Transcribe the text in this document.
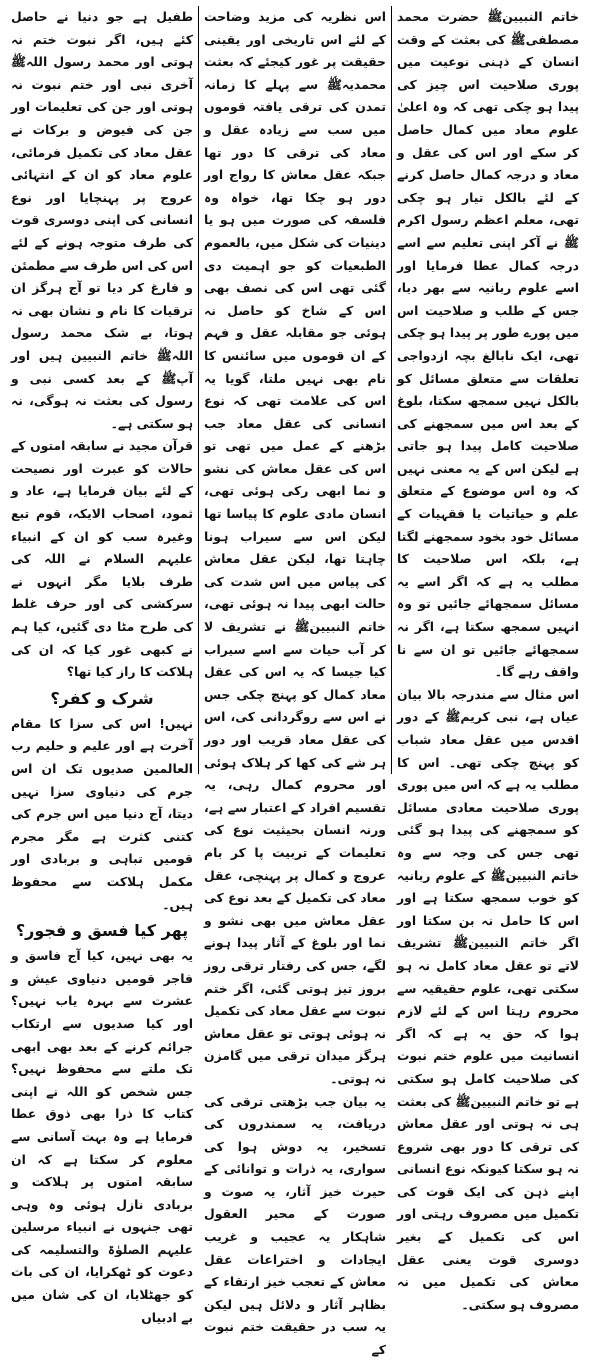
خاتم النبیینﷺ حضرت محمد مصطفیﷺ کی بعثت کے وقت انسان کے ذہنی نوعیت میں پوری صلاحیت اس چیز کی پیدا ہو چکی تھی کہ وہ اعلیٰ علوم معاد میں کمال حاصل کر سکے اور اس کی عقل و معاد و درجہ کمال حاصل کرنے کے لئے بالکل تیار ہو چکی تھی، معلم اعظم رسول اکرم ﷺ نے آکر اپنی تعلیم سے اسے درجہ کمال عطا فرمایا اور اسے علوم ربانیہ سے بھر دیا، جس کے طلب و صلاحیت اس میں پورے طور پر پیدا ہو چکی تھی، ایک نابالغ بچہ ازدواجی تعلقات سے متعلق مسائل کو بالکل نہیں سمجھ سکتا، بلوغ کے بعد اس میں سمجھنے کی صلاحیت کامل پیدا ہو جاتی ہے لیکن اس کے یہ معنی نہیں کہ وہ اس موضوع کے متعلق علم و حیاتیات یا فقہیات کے مسائل خود بخود سمجھنے لگتا ہے، بلکہ اس صلاحیت کا مطلب یہ ہے کہ اگر اسے یہ مسائل سمجھائے جائیں تو وہ انہیں سمجھ سکتا ہے، اگر نہ سمجھائے جائیں تو ان سے نا واقف رہے گا۔

اس مثال سے مندرجہ بالا بیان عیاں ہے، نبی کریمﷺ کے دور اقدس میں عقل معاد شباب کو پہنچ چکی تھی۔ اس کا مطلب یہ ہے کہ اس میں پوری پوری صلاحیت معادی مسائل کو سمجھنے کی پیدا ہو گئی تھی جس کی وجہ سے وہ خاتم النبیینﷺ کے علوم ربانیہ کو خوب سمجھ سکتا ہے اور اس کا حامل نہ بن سکتا اور اگر خاتم النبیینﷺ تشریف لاتے تو عقل معاد کامل نہ ہو سکتی تھی، علوم حقیقیہ سے محروم رہتا اس کے لئے لازم ہوا کہ حق یہ ہے کہ اگر انسانیت میں علوم ختم نبوت کی صلاحیت کامل ہو سکتی ہے تو خاتم النبیینﷺ کی بعثت ہی نہ ہوتی اور عقل معاش کی ترقی کا دور بھی شروع نہ ہو سکتا کیونکہ نوع انسانی اپنے ذہن کی ایک قوت کی تکمیل میں مصروف رہتی اور اس کی تکمیل کے بغیر دوسری قوت یعنی عقل معاش کی تکمیل میں نہ مصروف ہو سکتی۔

اس نظریہ کی مزید وضاحت کے لئے اس تاریخی اور یقینی حقیقت پر غور کیجئے کہ بعثت محمدیہﷺ سے پہلے کا زمانہ تمدن کی ترقی یافتہ قوموں میں سب سے زیادہ عقل و معاد کی ترقی کا دور تھا جبکہ عقل معاش کا رواج اور دور ہو چکا تھا، خواہ وہ فلسفہ کی صورت میں ہو یا دینیات کی شکل میں، بالعموم الطبعیات کو جو اہمیت دی گئی تھی اس کی نصف بھی اس کے شاخ کو حاصل نہ ہوئی جو مقابلہ عقل و فہم کے ان قوموں میں سائنس کا نام بھی نہیں ملتا، گویا یہ اس کی علامت تھی کہ نوع انسانی کی عقل معاد جب بڑھنے کے عمل میں تھی تو اس کی عقل معاش کی نشو و نما ابھی رکی ہوئی تھی، انسان مادی علوم کا پیاسا تھا لیکن اس سے سیراب ہونا چاہتا تھا، لیکن عقل معاش کی پیاس میں اس شدت کی حالت ابھی پیدا نہ ہوئی تھی، خاتم النبیینﷺ نے تشریف لا کر آب حیات سے اسے سیراب کیا جیسا کہ یہ اس کی عقل معاد کمال کو پہنچ چکی جس نے اس سے روگردانی کی، اس کی عقل معاد قریب اور دور ہر شے کی کھا کر ہلاک ہوئی اور محروم کمال رہی، یہ تقسیم افراد کے اعتبار سے ہے، ورنہ انسان بحیثیت نوع کی تعلیمات کے تربیت پا کر بام عروج و کمال پر پہنچی، عقل معاد کی تکمیل کے بعد نوع کی عقل معاش میں بھی نشو و نما اور بلوغ کے آثار پیدا ہونے لگے، جس کی رفتار ترقی روز بروز تیز ہوتی گئی، اگر ختم نبوت سے عقل معاد کی تکمیل نہ ہوئی ہوتی تو عقل معاش ہرگز میدان ترقی میں گامزن نہ ہوتی۔

یہ بیان جب بڑھتی ترقی کی دریافت، یہ سمندروں کی تسخیر، یہ دوش ہوا کی سواری، یہ ذرات و توانائی کے حیرت خیز آثار، یہ صوت و صورت کے محیر العقول شاہکار یہ عجیب و غریب ایجادات و اختراعات عقل معاش کے تعجب خیز ارتقاء کے بظاہر آثار و دلائل ہیں لیکن یہ سب در حقیقت ختم نبوت کے

طفیل ہے جو دنیا نے حاصل کئے ہیں، اگر نبوت ختم نہ ہوتی اور محمد رسول اللہﷺ آخری نبی اور ختم نبوت نہ ہوتی اور جن کی تعلیمات اور جن کی فیوض و برکات نے عقل معاد کی تکمیل فرمائی، علوم معاد کو ان کے انتہائی عروج پر پہنچایا اور نوع انسانی کی اپنی دوسری قوت کی طرف متوجہ ہونے کے لئے اس کی اس طرف سے مطمئن و فارغ کر دیا تو آج ہرگز ان ترقیات کا نام و نشان بھی نہ ہوتا، بے شک محمد رسول اللہﷺ خاتم النبیین ہیں اور آپﷺ کے بعد کسی نبی و رسول کی بعثت نہ ہوگی، نہ ہو سکتی ہے۔

قرآن مجید نے سابقہ امتوں کے حالات کو عبرت اور نصیحت کے لئے بیان فرمایا ہے، عاد و ثمود، اصحاب الایکہ، قوم تبع وغیرہ سب کو ان کے انبیاء علیہم السلام نے اللہ کی طرف بلایا مگر انہوں نے سرکشی کی اور حرف غلط کی طرح مٹا دی گئیں، کیا ہم نے کبھی غور کیا کہ ان کی ہلاکت کا راز کیا تھا؟

شرک و کفر؟

نہیں! اس کی سزا کا مقام آخرت ہے اور علیم و حلیم رب العالمین صدیوں تک ان اس جرم کی دنیاوی سزا نہیں دیتا، آج دنیا میں اس جرم کی کتنی کثرت ہے مگر مجرم قومیں تباہی و بربادی اور مکمل ہلاکت سے محفوظ ہیں۔

پھر کیا فسق و فجور؟

یہ بھی نہیں، کیا آج فاسق و فاجر قومیں دنیاوی عیش و عشرت سے بہرہ یاب نہیں؟ اور کیا صدیوں سے ارتکاب جرائم کرنے کے بعد بھی ابھی تک ملتے سے محفوظ نہیں؟ جس شخص کو اللہ نے اپنی کتاب کا ذرا بھی ذوق عطا فرمایا ہے وہ بہت آسانی سے معلوم کر سکتا ہے کہ ان سابقہ امتوں پر ہلاکت و بربادی نازل ہوئی وہ وہی تھی جنہوں نے انبیاء مرسلین علیہم الصلوٰۃ والتسلیمہ کی دعوت کو ٹھکرایا، ان کی بات کو جھٹلایا، ان کی شان میں بے ادبیاں
